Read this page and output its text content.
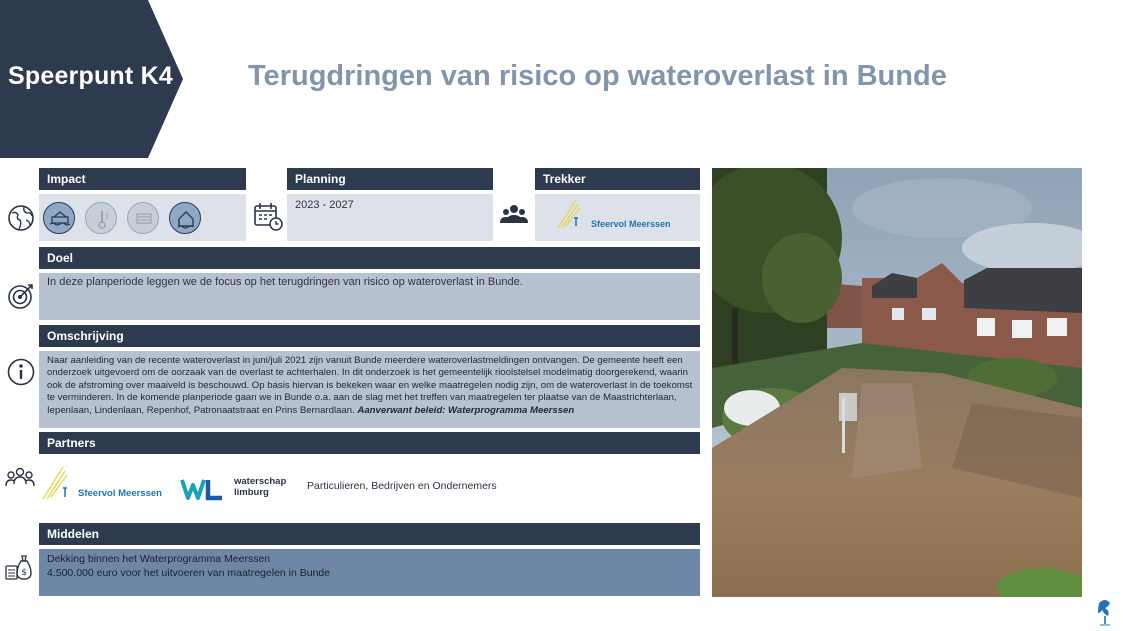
Speerpunt K4	Terugdringen van risico op wateroverlast in Bunde
Impact	Planning
2023 - 2027
Trekker
Sfeervol Meerssen
Doel
In deze planperiode leggen we de focus op het terugdringen van risico op wateroverlast in Bunde.
Omschrijving
Naar aanleiding van de recente wateroverlast in juni/juli 2021 zijn vanuit Bunde meerdere wateroverlastmeldingen ontvangen. De gemeente heeft een onderzoek uitgevoerd om de oorzaak van de overlast te achterhalen. In dit onderzoek is het gemeentelijk rioolstelsel modelmatig doorgerekend, waarin ook de afstroming over maaiveld is beschouwd. Op basis hiervan is bekeken waar en welke maatregelen nodig zijn, om de wateroverlast in de toekomst te verminderen. In de komende planperiode gaan we in Bunde o.a. aan de slag met het treffen van maatregelen ter plaatse van de Maastrichterlaan, Iepenlaan, Lindenlaan, Repenhof, Patronaatstraat en Prins Bernardlaan. Aanverwant beleid: Waterprogramma Meerssen
Partners
Sfeervol Meerssen
waterschap
limburg
Particulieren, Bedrijven en Ondernemers
$
Middelen
Dekking binnen het Waterprogramma Meerssen
4.500.000 euro voor het uitvoeren van maatregelen in Bunde
